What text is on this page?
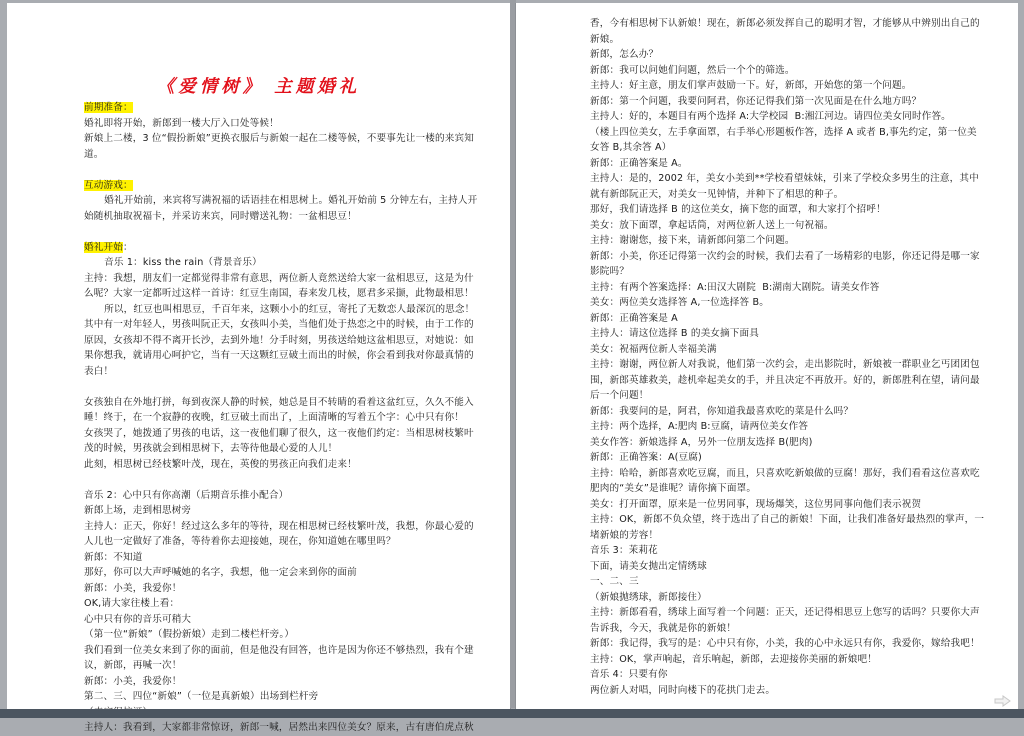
《爱情树》 主题婚礼
前期准备：
婚礼即将开始，新郎到一楼大厅入口处等候！
新娘上二楼，3 位“假扮新娘”更换衣服后与新娘一起在二楼等候，不要事先让一楼的来宾知道。
互动游戏：
婚礼开始前，来宾将写满祝福的话语挂在相思树上。婚礼开始前 5 分钟左右，主持人开始随机抽取祝福卡，并采访来宾，同时赠送礼物：一盆相思豆！
婚礼开始：
音乐 1：kiss the rain（背景音乐）
主持：我想，朋友们一定都觉得非常有意思，两位新人竟然送给大家一盆相思豆，这是为什么呢？大家一定都听过这样一首诗：红豆生南国，春来发几枝，愿君多采撷，此物最相思！
所以，红豆也叫相思豆，千百年来，这颗小小的红豆，寄托了无数恋人最深沉的思念！其中有一对年轻人，男孩叫阮正天，女孩叫小美，当他们处于热恋之中的时候，由于工作的原因，女孩却不得不离开长沙，去到外地！分手时刻，男孩送给她这盆相思豆，对她说：如果你想我，就请用心呵护它，当有一天这颗红豆破土而出的时候，你会看到我对你最真情的表白！
女孩独自在外地打拼，每到夜深人静的时候，她总是目不转睛的看着这盆红豆，久久不能入睡！终于，在一个寂静的夜晚，红豆破土而出了，上面清晰的写着五个字：心中只有你！
女孩哭了，她拨通了男孩的电话，这一夜他们聊了很久，这一夜他们约定：当相思树枝繁叶茂的时候，男孩就会到相思树下，去等待他最心爱的人儿！
此刻，相思树已经枝繁叶茂，现在，英俊的男孩正向我们走来！
音乐 2：心中只有你高潮（后期音乐推小配合）
新郎上场，走到相思树旁
主持人：正天，你好！经过这么多年的等待，现在相思树已经枝繁叶茂，我想，你最心爱的人儿也一定做好了准备，等待着你去迎接她，现在，你知道她在哪里吗？
新郎：不知道
那好，你可以大声呼喊她的名字，我想，他一定会来到你的面前
新郎：小美，我爱你！
OK,请大家往楼上看：
心中只有你的音乐可稍大
（第一位“新娘”（假扮新娘）走到二楼栏杆旁。）
我们看到一位美女来到了你的面前，但是他没有回答，也许是因为你还不够热烈，我有个建议，新郎，再喊一次！
新郎：小美，我爱你！
第二、三、四位“新娘”（一位是真新娘）出场到栏杆旁
主持人：我看到，大家都非常惊讶，新郎一喊，居然出来四位美女？原来，古有唐伯虎点秋
香，今有相思树下认新娘！现在，新郎必须发挥自己的聪明才智，才能够从中辨别出自己的新娘。
新郎，怎么办？
新郎：我可以问她们问题，然后一个个的筛选。
主持人：好主意，朋友们掌声鼓励一下。好，新郎，开始您的第一个问题。
新郎：第一个问题，我要问阿君，你还记得我们第一次见面是在什么地方吗？
主持人：好的，本题目有两个选择 A:大学校园  B:湘江河边。请四位美女同时作答。
（楼上四位美女，左手拿面罩，右手举心形题板作答，选择 A 或者 B,事先约定，第一位美女答 B,其余答 A）
新郎：正确答案是 A。
主持人：是的，2002 年，美女小美到**学校看望妹妹，引来了学校众多男生的注意，其中就有新郎阮正天，对美女一见钟情，并种下了相思的种子。
那好，我们请选择 B 的这位美女，摘下您的面罩，和大家打个招呼！
美女：放下面罩，拿起话筒，对两位新人送上一句祝福。
主持：谢谢您，接下来，请新郎问第二个问题。
新郎：小美，你还记得第一次约会的时候，我们去看了一场精彩的电影，你还记得是哪一家影院吗？
主持：有两个答案选择：A:田汉大剧院  B:湖南大剧院。请美女作答
美女：两位美女选择答 A,一位选择答 B。
新郎：正确答案是 A
主持人：请这位选择 B 的美女摘下面具
美女：祝福两位新人幸福美满
主持：谢谢，两位新人对我说，他们第一次约会，走出影院时，新娘被一群职业乞丐团团包围，新郎英雄救美，趁机牵起美女的手，并且决定不再放开。好的，新郎胜利在望，请问最后一个问题！
新郎：我要问的是，阿君，你知道我最喜欢吃的菜是什么吗？
主持：两个选择，A:肥肉 B:豆腐，请两位美女作答
美女作答：新娘选择 A，另外一位朋友选择 B(肥肉)
新郎：正确答案：A(豆腐)
主持：哈哈，新郎喜欢吃豆腐，而且，只喜欢吃新娘做的豆腐！那好，我们看看这位喜欢吃肥肉的“美女”是谁呢？请你摘下面罩。
美女：打开面罩，原来是一位男同事，现场爆笑，这位男同事向他们表示祝贺
主持：OK，新郎不负众望，终于选出了自己的新娘！下面，让我们准备好最热烈的掌声，一堵新娘的芳容！
音乐 3：茉莉花
下面，请美女抛出定情绣球
一、二、三
（新娘抛绣球，新郎接住）
主持：新郎看看，绣球上面写着一个问题：正天，还记得相思豆上您写的话吗？只要你大声告诉我，今天，我就是你的新娘！
新郎：我记得，我写的是：心中只有你，小美，我的心中永远只有你，我爱你，嫁给我吧！
主持：OK，掌声响起，音乐响起，新郎，去迎接你美丽的新娘吧！
音乐 4：只要有你
两位新人对唱，同时向楼下的花拱门走去。
